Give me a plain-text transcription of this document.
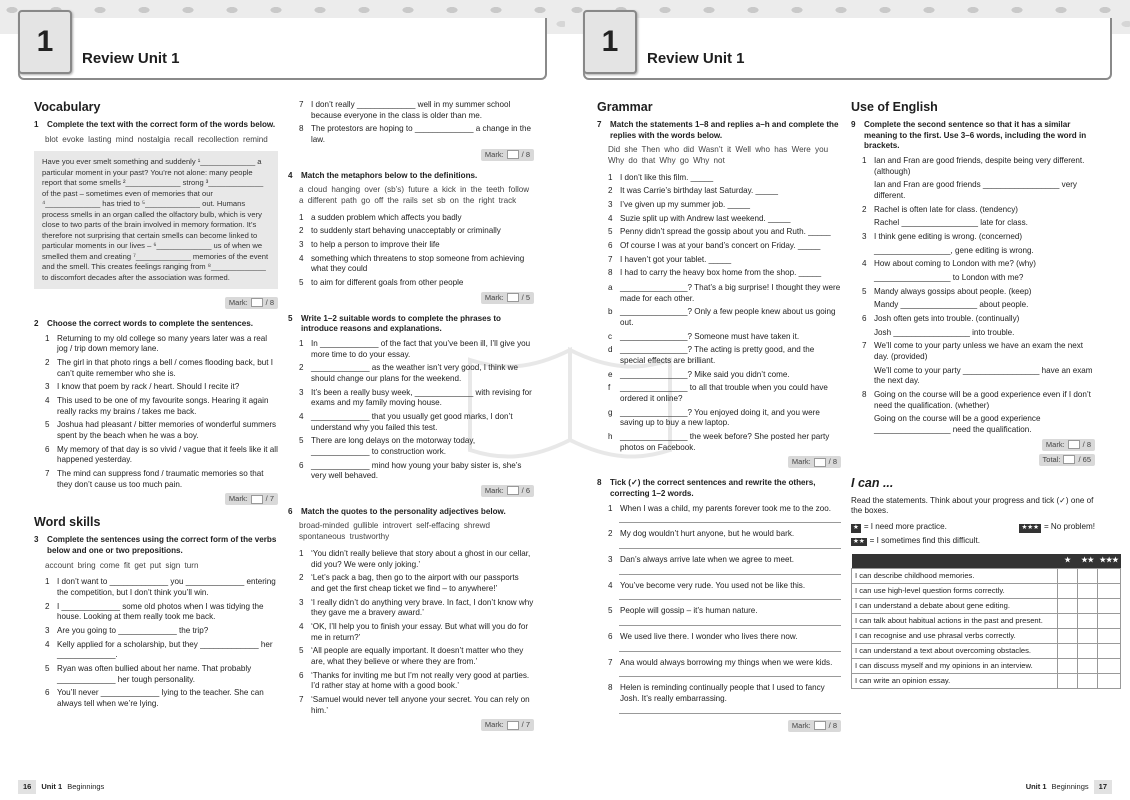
1
Review Unit 1
Vocabulary
1	Complete the text with the correct form of the words below.
blot evoke lasting mind nostalgia recall recollection remind
Have you ever smelt something and suddenly ¹_____________ a particular moment in your past? You’re not alone: many people report that some smells ²_____________ strong ³_____________ of the past – sometimes even of memories that our ⁴_____________ has tried to ⁵_____________ out. Humans process smells in an organ called the olfactory bulb, which is very close to two parts of the brain involved in memory formation. It’s therefore not surprising that certain smells can become linked to particular moments in our lives – ⁶_____________ us of when we smelled them and creating ⁷_____________ memories of the event and the smell. This creates feelings ranging from ⁸_____________ to discomfort decades after the association was formed.
Mark: / 8
2	Choose the correct words to complete the sentences.
1 Returning to my old college so many years later was a real jog / trip down memory lane.
2 The girl in that photo rings a bell / comes flooding back, but I can’t quite remember who she is.
3 I know that poem by rack / heart. Should I recite it?
4 This used to be one of my favourite songs. Hearing it again really racks my brains / takes me back.
5 Joshua had pleasant / bitter memories of wonderful summers spent by the beach when he was a boy.
6 My memory of that day is so vivid / vague that it feels like it all happened yesterday.
7 The mind can suppress fond / traumatic memories so that they don’t cause us too much pain.
Mark: / 7
Word skills
3	Complete the sentences using the correct form of the verbs below and one or two prepositions.
account bring come fit get put sign turn
1 I don’t want to _____________ you _____________ entering the competition, but I don’t think you’ll win.
2 I _____________ some old photos when I was tidying the house. Looking at them really took me back.
3 Are you going to _____________ the trip?
4 Kelly applied for a scholarship, but they _____________ her _____________.
5 Ryan was often bullied about her name. That probably _____________ her tough personality.
6 You’ll never _____________ lying to the teacher. She can always tell when we’re lying.
7 I don’t really _____________ well in my summer school because everyone in the class is older than me.
8 The protestors are hoping to _____________ a change in the law.
Mark: / 8
4	Match the metaphors below to the definitions.
a cloud hanging over (sb’s) future a kick in the teeth follow a different path go off the rails set sb on the right track
1 a sudden problem which affects you badly
2 to suddenly start behaving unacceptably or criminally
3 to help a person to improve their life
4 something which threatens to stop someone from achieving what they could
5 to aim for different goals from other people
Mark: / 5
5	Write 1–2 suitable words to complete the phrases to introduce reasons and explanations.
1 In _____________ of the fact that you’ve been ill, I’ll give you more time to do your essay.
2 _____________ as the weather isn’t very good, I think we should change our plans for the weekend.
3 It’s been a really busy week, _____________ with revising for exams and my family moving house.
4 _____________ that you usually get good marks, I don’t understand why you failed this test.
5 There are long delays on the motorway today, _____________ to construction work.
6 _____________ mind how young your baby sister is, she’s very well behaved.
Mark: / 6
6	Match the quotes to the personality adjectives below.
broad-minded gullible introvert self-effacing shrewd spontaneous trustworthy
1 ‘You didn’t really believe that story about a ghost in our cellar, did you? We were only joking.’
2 ‘Let’s pack a bag, then go to the airport with our passports and get the first cheap ticket we find – to anywhere!’
3 ‘I really didn’t do anything very brave. In fact, I don’t know why they gave me a bravery award.’
4 ‘OK, I’ll help you to finish your essay. But what will you do for me in return?’
5 ‘All people are equally important. It doesn’t matter who they are, what they believe or where they are from.’
6 ‘Thanks for inviting me but I’m not really very good at parties. I’d rather stay at home with a good book.’
7 ‘Samuel would never tell anyone your secret. You can rely on him.’
Mark: / 7
16	Unit 1 Beginnings
1
Review Unit 1
Grammar
7	Match the statements 1–8 and replies a–h and complete the replies with the words below.
Did she Then who did Wasn’t it Well who has Were you Why do that Why go Why not
1 I don’t like this film. _____
2 It was Carrie’s birthday last Saturday. _____
3 I’ve given up my summer job. _____
4 Suzie split up with Andrew last weekend. _____
5 Penny didn’t spread the gossip about you and Ruth. _____
6 Of course I was at your band’s concert on Friday. _____
7 I haven’t got your tablet. _____
8 I had to carry the heavy box home from the shop. _____
a _______________? That’s a big surprise! I thought they were made for each other.
b _______________? Only a few people knew about us going out.
c _______________? Someone must have taken it.
d _______________? The acting is pretty good, and the special effects are brilliant.
e _______________? Mike said you didn’t come.
f	_______________ to all that trouble when you could have ordered it online?
g _______________? You enjoyed doing it, and you were saving up to buy a new laptop.
h _______________ the week before? She posted her party photos on Facebook.
Mark: / 8
8	Tick (✓) the correct sentences and rewrite the others, correcting 1–2 words.
1 When I was a child, my parents forever took me to the zoo.
2 My dog wouldn’t hurt anyone, but he would bark.
3 Dan’s always arrive late when we agree to meet.
4 You’ve become very rude. You used not be like this.
5 People will gossip – it’s human nature.
6 We used live there. I wonder who lives there now.
7 Ana would always borrowing my things when we were kids.
8 Helen is reminding continually people that I used to fancy Josh. It’s really embarrassing.
Mark: / 8
Use of English
9	Complete the second sentence so that it has a similar meaning to the first. Use 3–6 words, including the word in brackets.
1 Ian and Fran are good friends, despite being very different. (although)
Ian and Fran are good friends _________________ very different.
2 Rachel is often late for class. (tendency)
Rachel _________________ late for class.
3 I think gene editing is wrong. (concerned)
_________________, gene editing is wrong.
4 How about coming to London with me? (why)
_________________ to London with me?
5 Mandy always gossips about people. (keep)
Mandy _________________ about people.
6 Josh often gets into trouble. (continually)
Josh _________________ into trouble.
7 We’ll come to your party unless we have an exam the next day. (provided)
We’ll come to your party _________________ have an exam the next day.
8 Going on the course will be a good experience even if I don’t need the qualification. (whether)
Going on the course will be a good experience _________________ need the qualification.
Mark: / 8
Total: / 65
I can ...
Read the statements. Think about your progress and tick (✓) one of the boxes.
★ = I need more practice.	★★★ = No problem!
★★ = I sometimes find this difficult.
	★	★★	★★★
I can describe childhood memories.			
I can use high-level question forms correctly.			
I can understand a debate about gene editing.			
I can talk about habitual actions in the past and present.			
I can recognise and use phrasal verbs correctly.			
I can understand a text about overcoming obstacles.			
I can discuss myself and my opinions in an interview.			
I can write an opinion essay.			
Unit 1 Beginnings	17
